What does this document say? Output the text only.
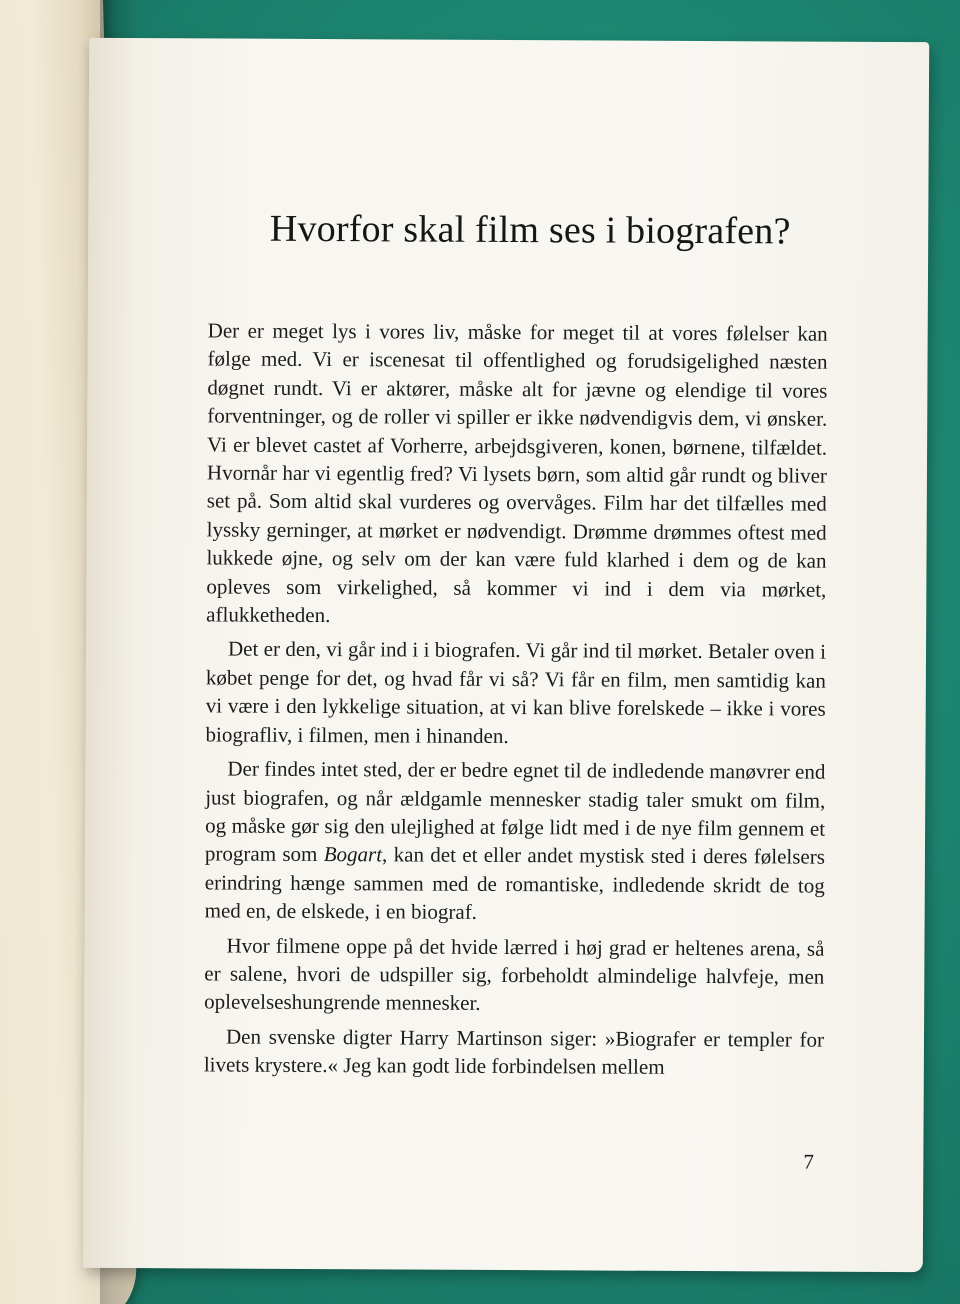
Hvorfor skal film ses i biografen?

Der er meget lys i vores liv, måske for meget til at vores følelser kan følge med. Vi er iscenesat til offentlighed og forudsigelighed næsten døgnet rundt. Vi er aktører, måske alt for jævne og elendige til vores forventninger, og de roller vi spiller er ikke nødvendigvis dem, vi ønsker. Vi er blevet castet af Vorherre, arbejdsgiveren, konen, børnene, tilfældet. Hvornår har vi egentlig fred? Vi lysets børn, som altid går rundt og bliver set på. Som altid skal vurderes og overvåges. Film har det tilfælles med lyssky gerninger, at mørket er nødvendigt. Drømme drømmes oftest med lukkede øjne, og selv om der kan være fuld klarhed i dem og de kan opleves som virkelighed, så kommer vi ind i dem via mørket, aflukketheden.

Det er den, vi går ind i i biografen. Vi går ind til mørket. Betaler oven i købet penge for det, og hvad får vi så? Vi får en film, men samtidig kan vi være i den lykkelige situation, at vi kan blive forelskede – ikke i vores biografliv, i filmen, men i hinanden.

Der findes intet sted, der er bedre egnet til de indledende manøvrer end just biografen, og når ældgamle mennesker stadig taler smukt om film, og måske gør sig den ulejlighed at følge lidt med i de nye film gennem et program som Bogart, kan det et eller andet mystisk sted i deres følelsers erindring hænge sammen med de romantiske, indledende skridt de tog med en, de elskede, i en biograf.

Hvor filmene oppe på det hvide lærred i høj grad er heltenes arena, så er salene, hvori de udspiller sig, forbeholdt almindelige halvfeje, men oplevelseshungrende mennesker.

Den svenske digter Harry Martinson siger: »Biografer er templer for livets krystere.« Jeg kan godt lide forbindelsen mellem

7
